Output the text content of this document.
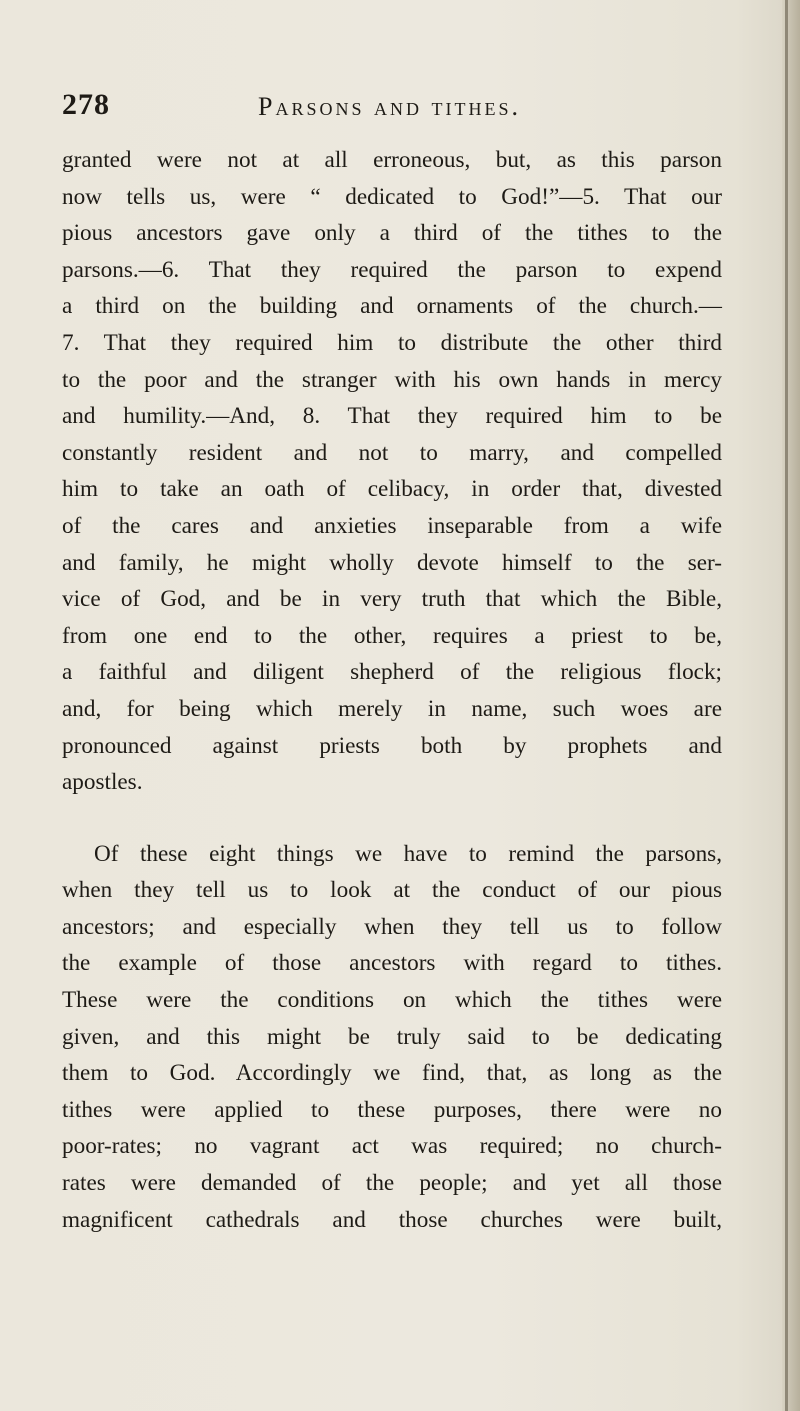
278	Parsons and tithes.

granted were not at all erroneous, but, as this parson
now tells us, were “ dedicated to God!”—5. That our
pious ancestors gave only a third of the tithes to the
parsons.—6. That they required the parson to expend
a third on the building and ornaments of the church.—
7. That they required him to distribute the other third
to the poor and the stranger with his own hands in mercy
and humility.—And, 8. That they required him to be
constantly resident and not to marry, and compelled
him to take an oath of celibacy, in order that, divested
of the cares and anxieties inseparable from a wife
and family, he might wholly devote himself to the ser-
vice of God, and be in very truth that which the Bible,
from one end to the other, requires a priest to be,
a faithful and diligent shepherd of the religious flock;
and, for being which merely in name, such woes are
pronounced against priests both by prophets and
apostles.

Of these eight things we have to remind the parsons,
when they tell us to look at the conduct of our pious
ancestors; and especially when they tell us to follow
the example of those ancestors with regard to tithes.
These were the conditions on which the tithes were
given, and this might be truly said to be dedicating
them to God. Accordingly we find, that, as long as the
tithes were applied to these purposes, there were no
poor-rates; no vagrant act was required; no church-
rates were demanded of the people; and yet all those
magnificent cathedrals and those churches were built,
